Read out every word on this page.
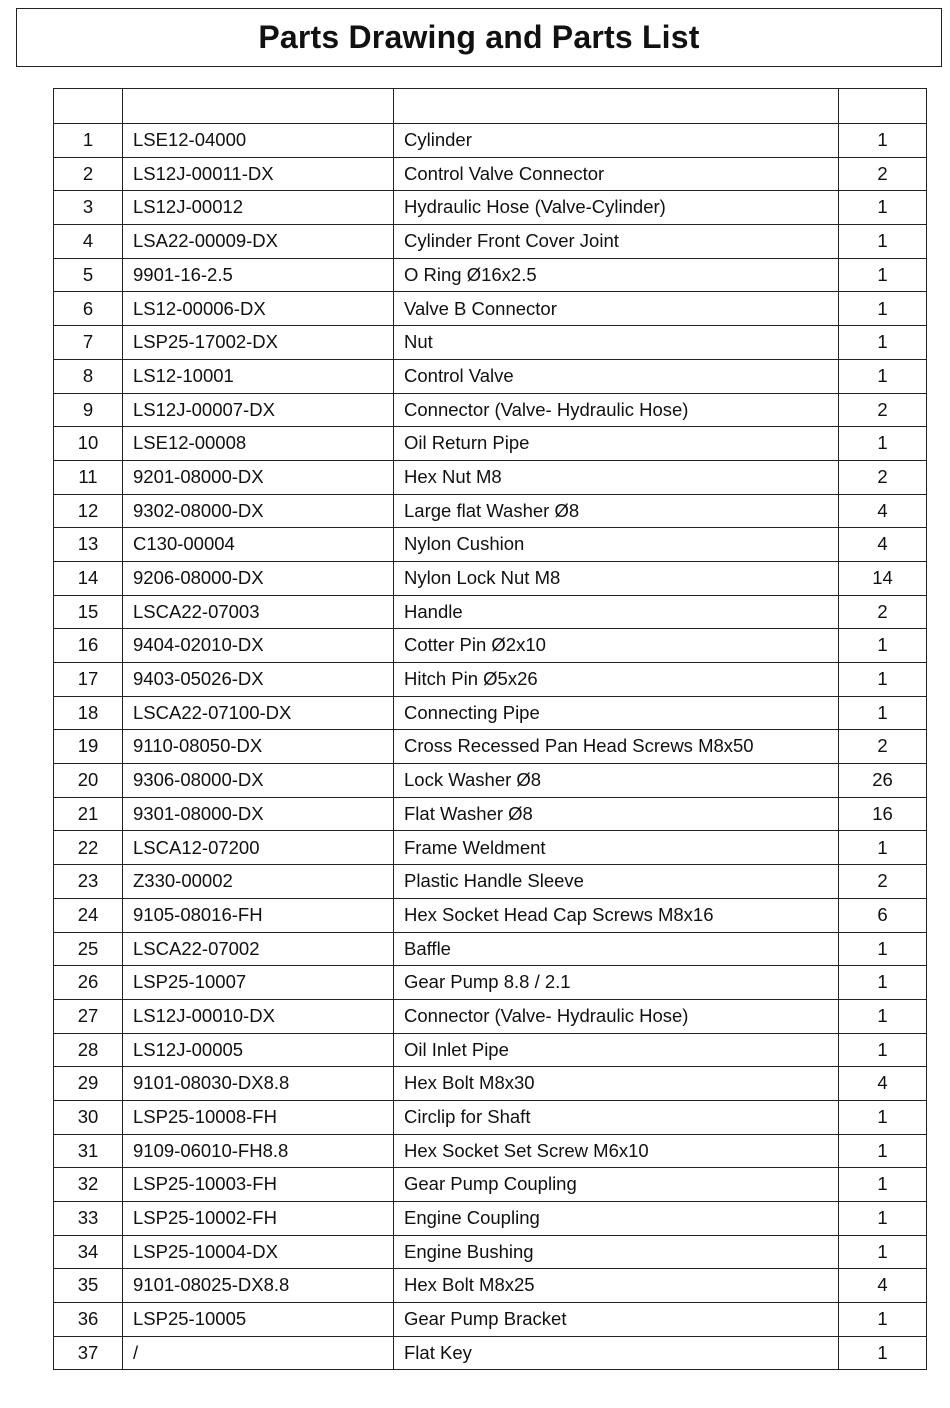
Parts Drawing and Parts List

1	LSE12-04000	Cylinder	1
2	LS12J-00011-DX	Control Valve Connector	2
3	LS12J-00012	Hydraulic Hose (Valve-Cylinder)	1
4	LSA22-00009-DX	Cylinder Front Cover Joint	1
5	9901-16-2.5	O Ring Ø16x2.5	1
6	LS12-00006-DX	Valve B Connector	1
7	LSP25-17002-DX	Nut	1
8	LS12-10001	Control Valve	1
9	LS12J-00007-DX	Connector (Valve- Hydraulic Hose)	2
10	LSE12-00008	Oil Return Pipe	1
11	9201-08000-DX	Hex Nut M8	2
12	9302-08000-DX	Large flat Washer Ø8	4
13	C130-00004	Nylon Cushion	4
14	9206-08000-DX	Nylon Lock Nut M8	14
15	LSCA22-07003	Handle	2
16	9404-02010-DX	Cotter Pin Ø2x10	1
17	9403-05026-DX	Hitch Pin Ø5x26	1
18	LSCA22-07100-DX	Connecting Pipe	1
19	9110-08050-DX	Cross Recessed Pan Head Screws M8x50	2
20	9306-08000-DX	Lock Washer Ø8	26
21	9301-08000-DX	Flat Washer Ø8	16
22	LSCA12-07200	Frame Weldment	1
23	Z330-00002	Plastic Handle Sleeve	2
24	9105-08016-FH	Hex Socket Head Cap Screws M8x16	6
25	LSCA22-07002	Baffle	1
26	LSP25-10007	Gear Pump 8.8 / 2.1	1
27	LS12J-00010-DX	Connector (Valve- Hydraulic Hose)	1
28	LS12J-00005	Oil Inlet Pipe	1
29	9101-08030-DX8.8	Hex Bolt M8x30	4
30	LSP25-10008-FH	Circlip for Shaft	1
31	9109-06010-FH8.8	Hex Socket Set Screw M6x10	1
32	LSP25-10003-FH	Gear Pump Coupling	1
33	LSP25-10002-FH	Engine Coupling	1
34	LSP25-10004-DX	Engine Bushing	1
35	9101-08025-DX8.8	Hex Bolt M8x25	4
36	LSP25-10005	Gear Pump Bracket	1
37	/	Flat Key	1
